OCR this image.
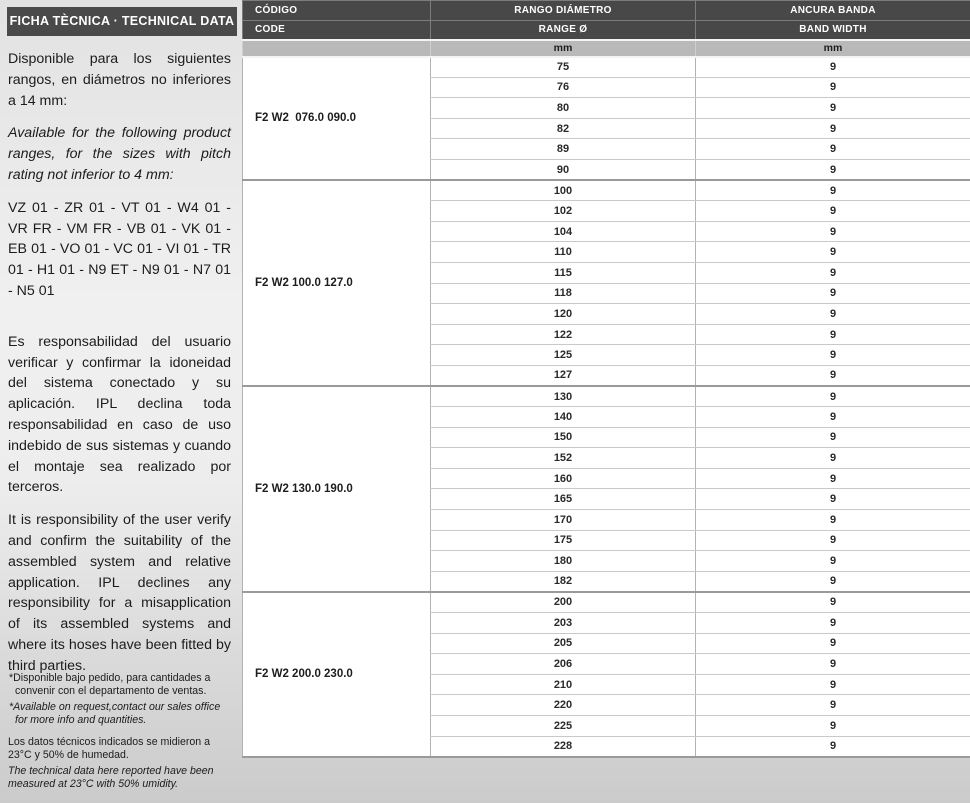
FICHA TÈCNICA · TECHNICAL DATA
Disponible para los siguientes rangos, en diámetros no inferiores a 14 mm:
Available for the following product ranges, for the sizes with pitch rating not inferior to 4 mm:
VZ 01 - ZR 01 - VT 01 - W4 01 - VR FR - VM FR - VB 01 - VK 01 - EB 01 - VO 01 - VC 01 - VI 01 - TR 01 - H1 01 - N9 ET - N9 01 - N7 01 - N5 01
Es responsabilidad del usuario verificar y confirmar la idoneidad del sistema conectado y su aplicación. IPL declina toda responsabilidad en caso de uso indebido de sus sistemas y cuando el montaje sea realizado por terceros.
It is responsibility of the user verify and confirm the suitability of the assembled system and relative application. IPL declines any responsibility for a misapplication of its assembled systems and where its hoses have been fitted by third parties.
*Disponible bajo pedido, para cantidades a convenir con el departamento de ventas.
*Available on request,contact our sales office for more info and quantities.
Los datos técnicos indicados se midieron a 23°C y 50% de humedad.
The technical data here reported have been measured at 23°C with 50% umidity.
CÓDIGO	RANGO DIÁMETRO	ANCURA BANDA
CODE	RANGE Ø	BAND WIDTH
	mm	mm
F2 W2  076.0 090.0	75	9
	76	9
	80	9
	82	9
	89	9
	90	9
F2 W2 100.0 127.0	100	9
	102	9
	104	9
	110	9
	115	9
	118	9
	120	9
	122	9
	125	9
	127	9
F2 W2 130.0 190.0	130	9
	140	9
	150	9
	152	9
	160	9
	165	9
	170	9
	175	9
	180	9
	182	9
F2 W2 200.0 230.0	200	9
	203	9
	205	9
	206	9
	210	9
	220	9
	225	9
	228	9
